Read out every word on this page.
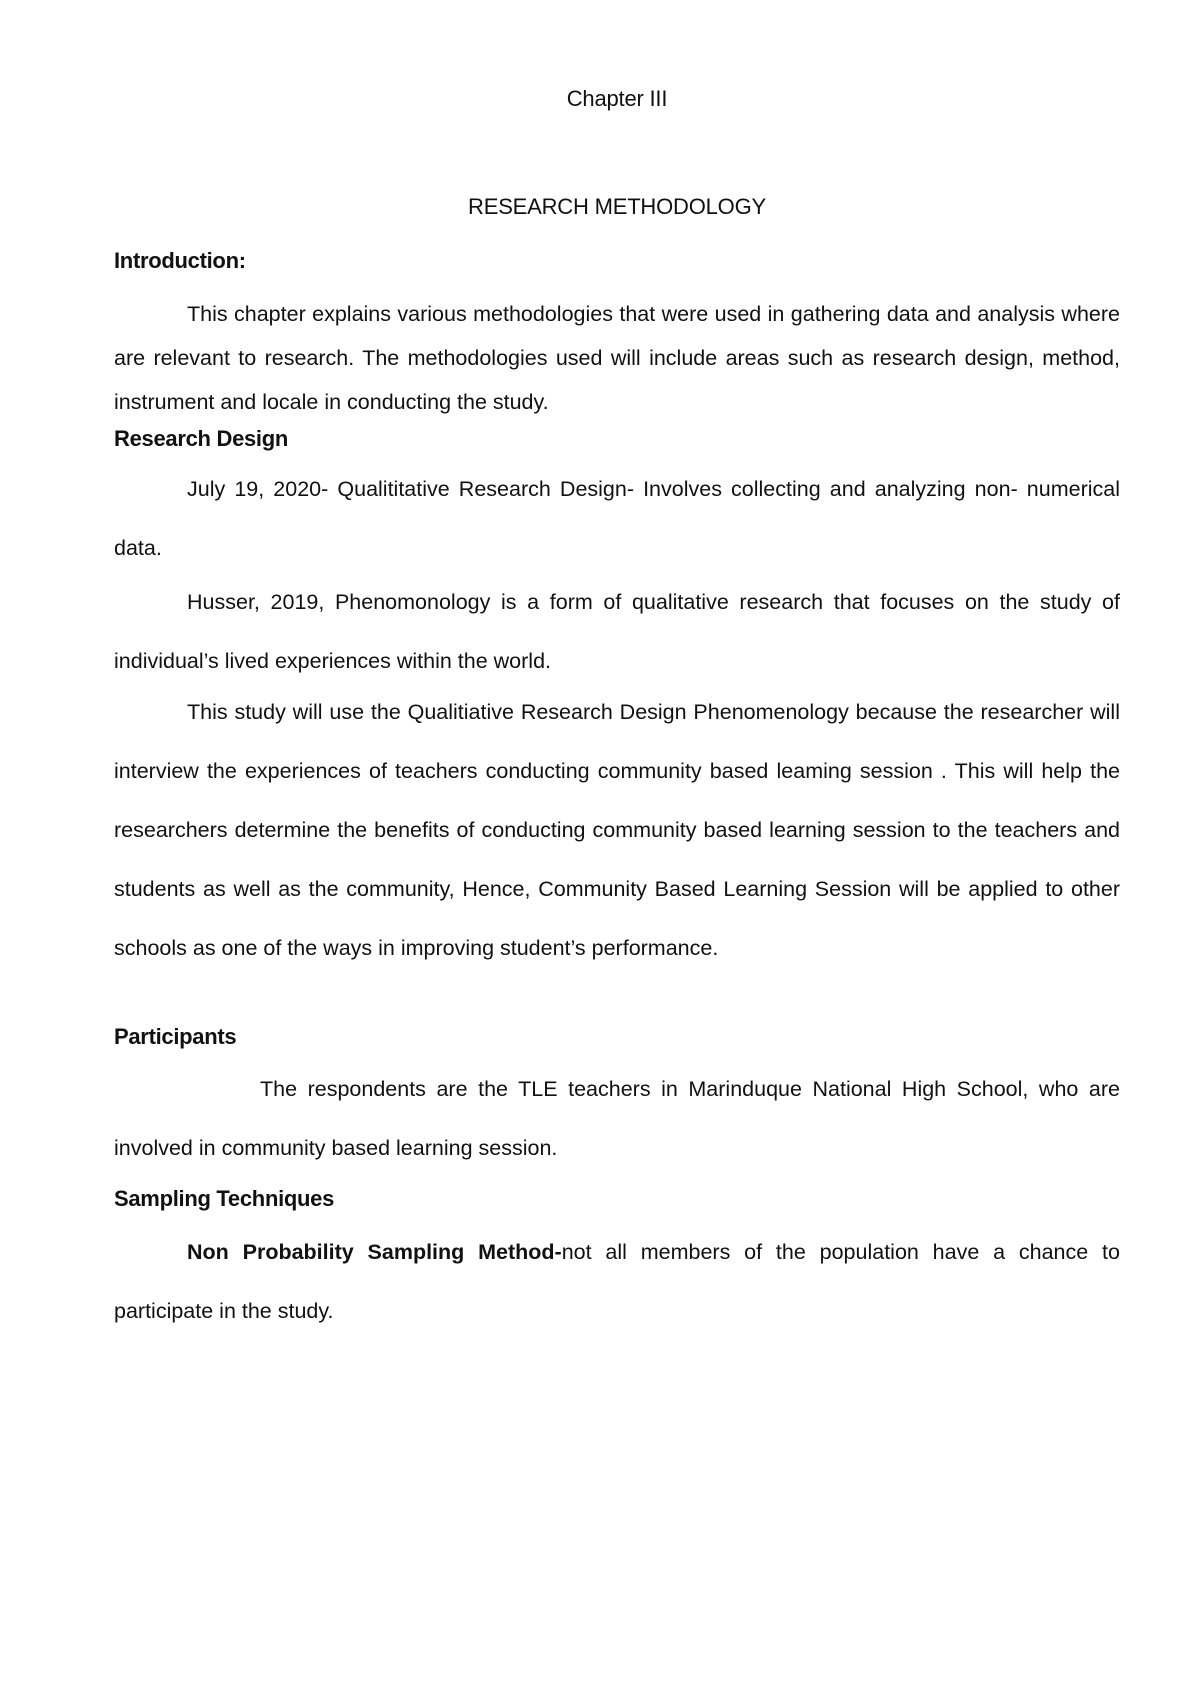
Chapter III

RESEARCH METHODOLOGY

Introduction:

This chapter explains various methodologies that were used in gathering data and analysis where are relevant to research. The methodologies used will include areas such as research design, method, instrument and locale in conducting the study.

Research Design

July 19, 2020- Qualititative Research Design- Involves collecting and analyzing non- numerical data.

Husser, 2019, Phenomonology is a form of qualitative research that focuses on the study of individual’s lived experiences within the world.

This study will use the Qualitiative Research Design Phenomenology because the researcher will interview the experiences of teachers conducting community based leaming session . This will help the researchers determine the benefits of conducting community based learning session to the teachers and students as well as the community, Hence, Community Based Learning Session will be applied to other schools as one of the ways in improving student’s performance.

Participants

The respondents are the TLE teachers in Marinduque National High School, who are involved in community based learning session.

Sampling Techniques

Non Probability Sampling Method-not all members of the population have a chance to participate in the study.
